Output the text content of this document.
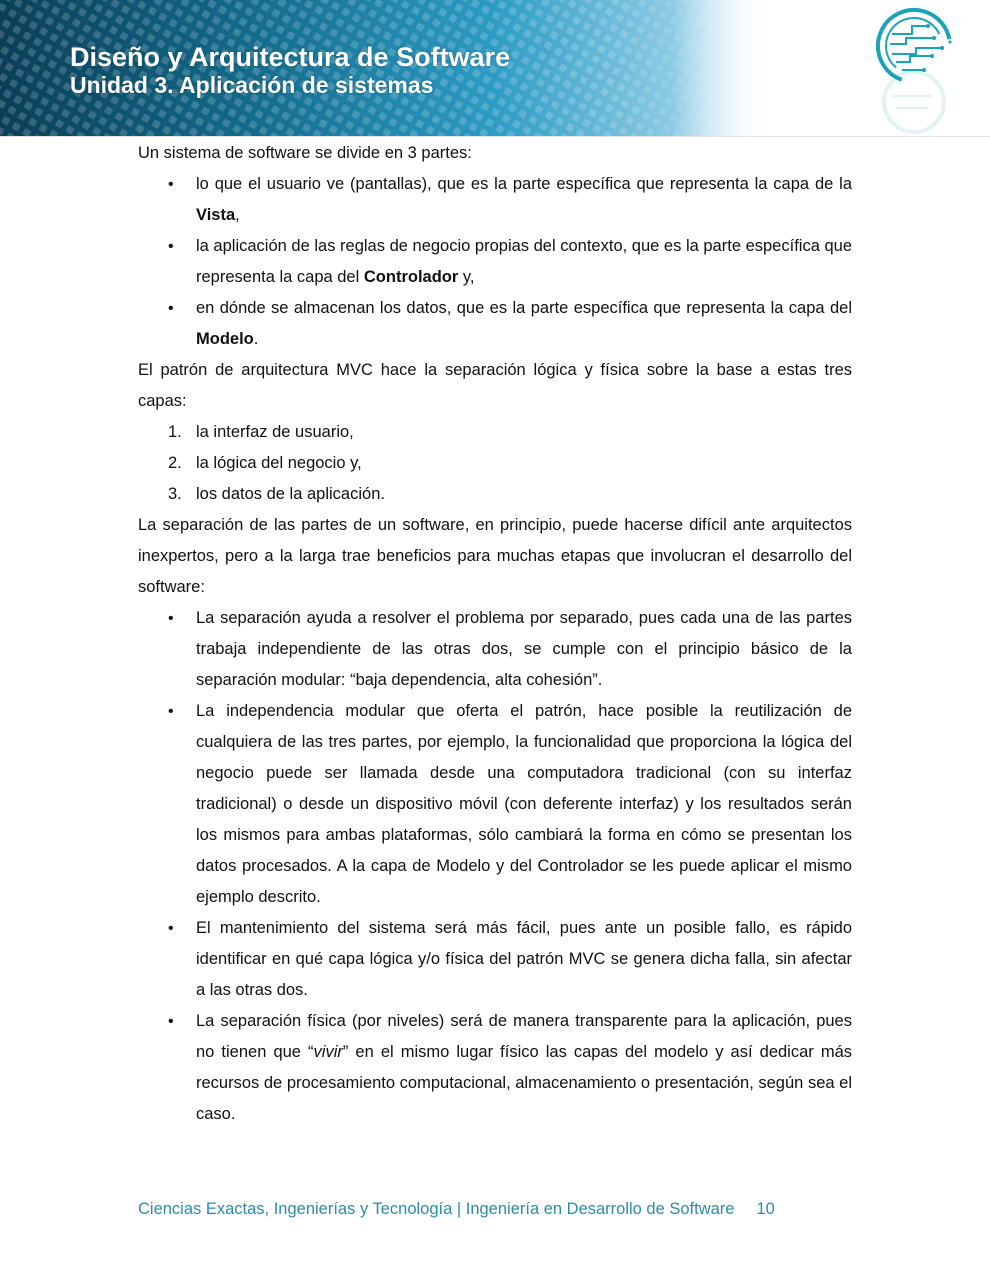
Diseño y Arquitectura de Software
Unidad 3. Aplicación de sistemas

Un sistema de software se divide en 3 partes:

• lo que el usuario ve (pantallas), que es la parte específica que representa la capa de la Vista,
• la aplicación de las reglas de negocio propias del contexto, que es la parte específica que representa la capa del Controlador y,
• en dónde se almacenan los datos, que es la parte específica que representa la capa del Modelo.

El patrón de arquitectura MVC hace la separación lógica y física sobre la base a estas tres capas:

1. la interfaz de usuario,
2. la lógica del negocio y,
3. los datos de la aplicación.

La separación de las partes de un software, en principio, puede hacerse difícil ante arquitectos inexpertos, pero a la larga trae beneficios para muchas etapas que involucran el desarrollo del software:

• La separación ayuda a resolver el problema por separado, pues cada una de las partes trabaja independiente de las otras dos, se cumple con el principio básico de la separación modular: “baja dependencia, alta cohesión”.
• La independencia modular que oferta el patrón, hace posible la reutilización de cualquiera de las tres partes, por ejemplo, la funcionalidad que proporciona la lógica del negocio puede ser llamada desde una computadora tradicional (con su interfaz tradicional) o desde un dispositivo móvil (con deferente interfaz) y los resultados serán los mismos para ambas plataformas, sólo cambiará la forma en cómo se presentan los datos procesados. A la capa de Modelo y del Controlador se les puede aplicar el mismo ejemplo descrito.
• El mantenimiento del sistema será más fácil, pues ante un posible fallo, es rápido identificar en qué capa lógica y/o física del patrón MVC se genera dicha falla, sin afectar a las otras dos.
• La separación física (por niveles) será de manera transparente para la aplicación, pues no tienen que “vivir” en el mismo lugar físico las capas del modelo y así dedicar más recursos de procesamiento computacional, almacenamiento o presentación, según sea el caso.
Ciencias Exactas, Ingenierías y Tecnología | Ingeniería en Desarrollo de Software 10
